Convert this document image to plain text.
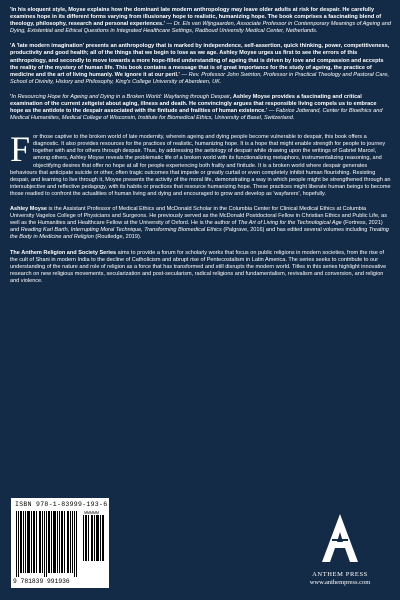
'In his eloquent style, Moyse explains how the dominant late modern anthropology may leave older adults at risk for despair. He carefully examines hope in its different forms varying from illusionary hope to realistic, humanizing hope. The book comprises a fascinating blend of theology, philosophy, research and personal experiences.' — Dr. Els van Wijngaarden, Associate Professor in Contemporary Meanings of Ageing and Dying, Existential and Ethical Questions in Integrated Healthcare Settings, Radboud University Medical Center, Netherlands.

'A 'late modern imagination' presents an anthropology that is marked by independence, self-assertion, quick thinking, power, competitiveness, productivity and good health; all of the things that we begin to lose as we age. Ashley Moyse urges us first to see the errors of this anthropology, and secondly to move towards a more hope-filled understanding of ageing that is driven by love and compassion and accepts the reality of the mystery of human life. This book contains a message that is of great importance for the study of ageing, the practice of medicine and the art of living humanly. We ignore it at our peril.' — Rev. Professor John Swinton, Professor in Practical Theology and Pastoral Care, School of Divinity, History and Philosophy, King's College University of Aberdeen, UK.

'In Resourcing Hope for Ageing and Dying in a Broken World: Wayfaring through Despair, Ashley Moyse provides a fascinating and critical examination of the current zeitgeist about aging, illness and death. He convincingly argues that responsible living compels us to embrace hope as the antidote to the despair associated with the finitude and frailties of human existence.' — Fabrice Jotterand, Center for Bioethics and Medical Humanities, Medical College of Wisconsin, Institute for Biomedical Ethics, University of Basel, Switzerland.

For those captive to the broken world of late modernity, wherein ageing and dying people become vulnerable to despair, this book offers a diagnostic. It also provides resources for the practices of realistic, humanizing hope. It is a hope that might enable strength for people to journey together with and for others through despair. Thus, by addressing the aetiology of despair while drawing upon the writings of Gabriel Marcel, among others, Ashley Moyse reveals the problematic life of a broken world with its functionalizing metaphors, instrumentalizing reasoning, and objectifying desires that offer no hope at all for people experiencing both frailty and finitude. It is a broken world where despair generates behaviours that anticipate suicide or other, often tragic outcomes that impede or greatly curtail or even completely inhibit human flourishing. Resisting despair, and learning to live through it, Moyse presents the activity of the moral life, demonstrating a way in which people might be strengthened through an intersubjective and reflective pedagogy, with its habits or practices that resource humanizing hope. These practices might liberate human beings to become those readied to confront the actualities of human living and dying and encouraged to grow and develop as 'wayfarers', hopefully.

Ashley Moyse is the Assistant Professor of Medical Ethics and McDonald Scholar in the Columbia Center for Clinical Medical Ethics at Columbia University Vagelos College of Physicians and Surgeons. He previously served as the McDonald Postdoctoral Fellow in Christian Ethics and Public Life, as well as the Humanities and Healthcare Fellow at the University of Oxford. He is the author of The Art of Living for the Technological Age (Fortress, 2021) and Reading Karl Barth, Interrupting Moral Technique, Transforming Biomedical Ethics (Palgrave, 2016) and has edited several volumes including Treating the Body in Medicine and Religion (Routledge, 2019).

The Anthem Religion and Society Series aims to provide a forum for scholarly works that focus on public religions in modern societies, from the rise of the cult of Shani in modern India to the decline of Catholicism and abrupt rise of Pentecostalism in Latin America. The series seeks to contribute to our understanding of the nature and role of religion as a force that has transformed and still disrupts the modern world. Titles in this series highlight innovative research on new religious movements, secularization and post-secularism, radical religions and fundamentalism, revivalism and conversion, and religion and violence.

ISBN 978-1-83999-193-6
90000
9 781839 991936
ANTHEM PRESS
www.anthempress.com
